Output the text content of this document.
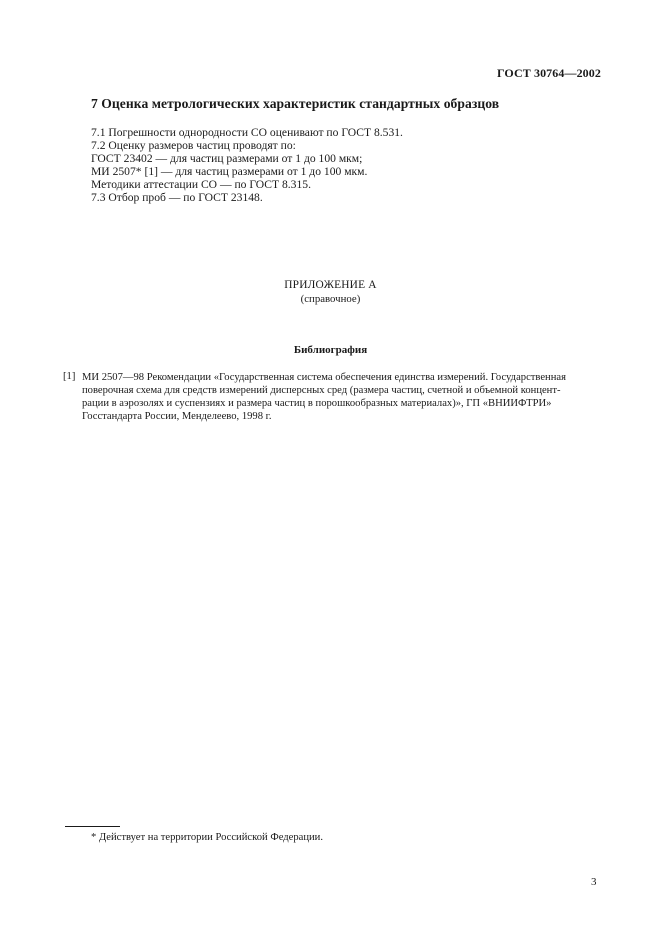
ГОСТ 30764—2002

7 Оценка метрологических характеристик стандартных образцов

7.1 Погрешности однородности СО оценивают по ГОСТ 8.531.

7.2 Оценку размеров частиц проводят по:

ГОСТ 23402 — для частиц размерами от 1 до 100 мкм;

МИ 2507* [1] — для частиц размерами от 1 до 100 мкм.

Методики аттестации СО — по ГОСТ 8.315.

7.3 Отбор проб — по ГОСТ 23148.

ПРИЛОЖЕНИЕ А

(справочное)

Библиография

[1] МИ 2507—98 Рекомендации «Государственная система обеспечения единства измерений. Государственная

поверочная схема для средств измерений дисперсных сред (размера частиц, счетной и объемной концент-

рации в аэрозолях и суспензиях и размера частиц в порошкообразных материалах)», ГП «ВНИИФТРИ»

Госстандарта России, Менделеево, 1998 г.

* Действует на территории Российской Федерации.

3
